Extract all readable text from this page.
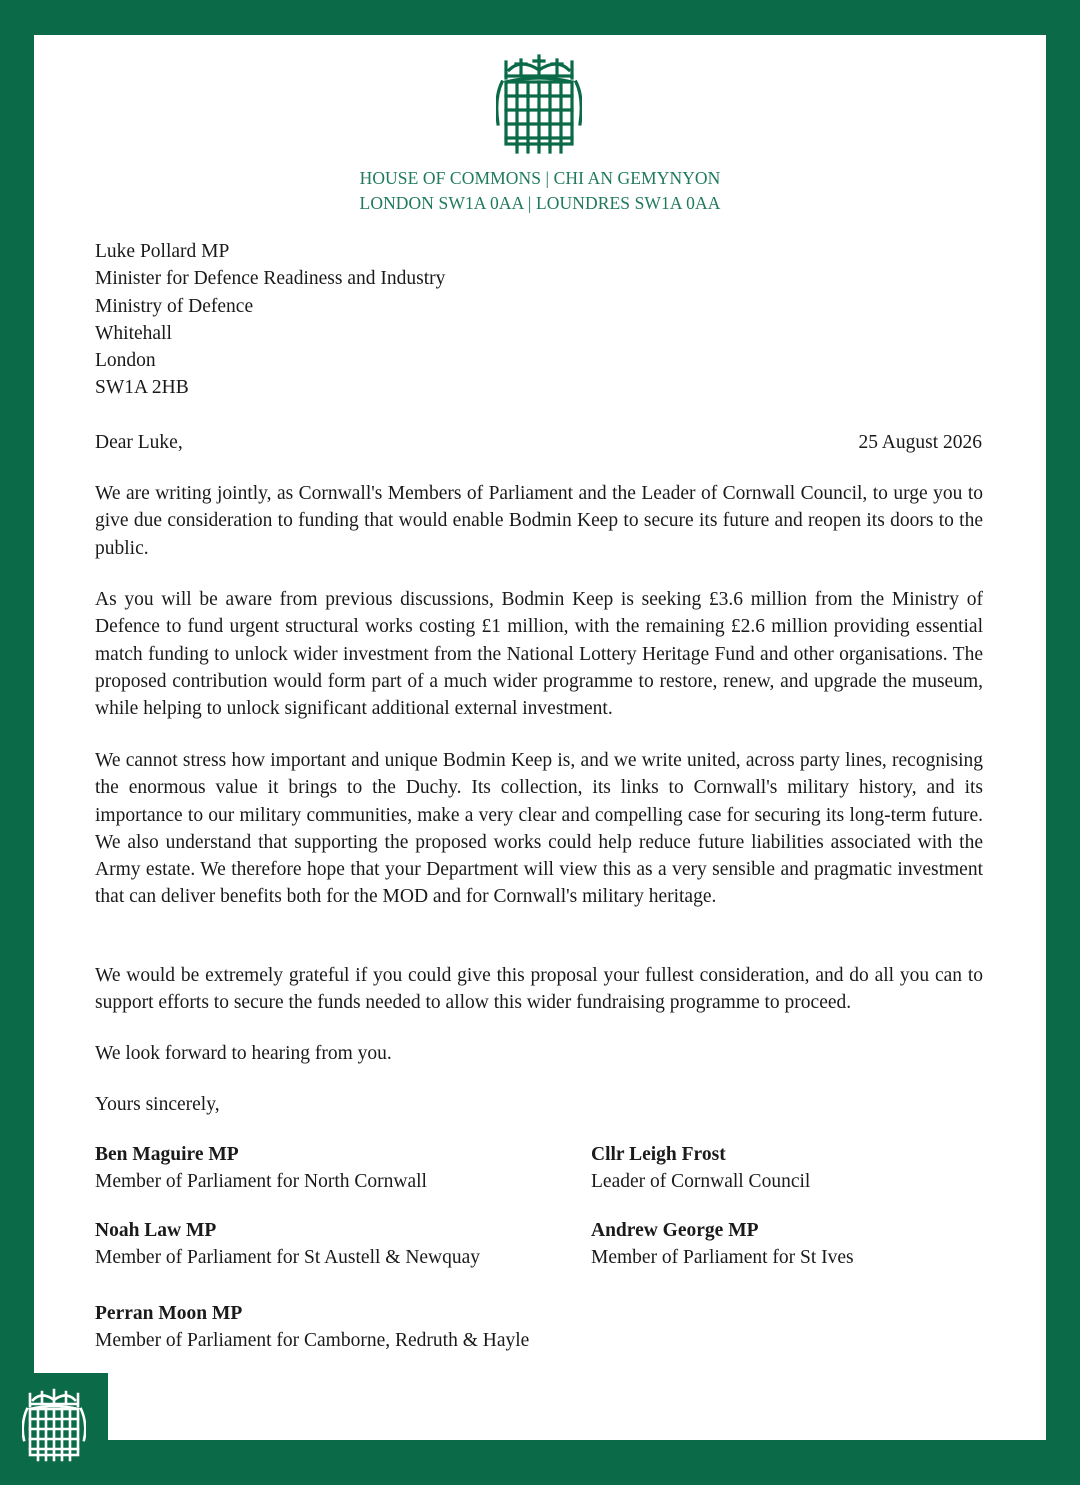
HOUSE OF COMMONS | CHI AN GEMYNYON
LONDON SW1A 0AA | LOUNDRES SW1A 0AA
Luke Pollard MP
Minister for Defence Readiness and Industry
Ministry of Defence
Whitehall
London
SW1A 2HB
Dear Luke,	25 August 2026
We are writing jointly, as Cornwall's Members of Parliament and the Leader of Cornwall Council, to urge you to give due consideration to funding that would enable Bodmin Keep to secure its future and reopen its doors to the public.
As you will be aware from previous discussions, Bodmin Keep is seeking £3.6 million from the Ministry of Defence to fund urgent structural works costing £1 million, with the remaining £2.6 million providing essential match funding to unlock wider investment from the National Lottery Heritage Fund and other organisations. The proposed contribution would form part of a much wider programme to restore, renew, and upgrade the museum, while helping to unlock significant additional external investment.
We cannot stress how important and unique Bodmin Keep is, and we write united, across party lines, recognising the enormous value it brings to the Duchy. Its collection, its links to Cornwall's military history, and its importance to our military communities, make a very clear and compelling case for securing its long-term future. We also understand that supporting the proposed works could help reduce future liabilities associated with the Army estate. We therefore hope that your Department will view this as a very sensible and pragmatic investment that can deliver benefits both for the MOD and for Cornwall's military heritage.
We would be extremely grateful if you could give this proposal your fullest consideration, and do all you can to support efforts to secure the funds needed to allow this wider fundraising programme to proceed.
We look forward to hearing from you.
Yours sincerely,
Ben Maguire MP
Member of Parliament for North Cornwall
Cllr Leigh Frost
Leader of Cornwall Council
Noah Law MP
Member of Parliament for St Austell & Newquay
Andrew George MP
Member of Parliament for St Ives
Perran Moon MP
Member of Parliament for Camborne, Redruth & Hayle
